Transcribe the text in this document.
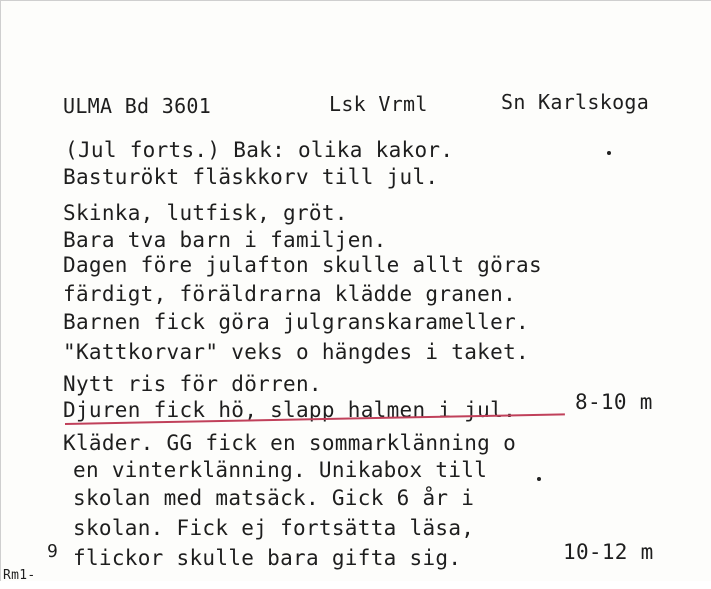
ULMA Bd 3601	Lsk Vrml	Sn Karlskoga
(Jul forts.) Bak: olika kakor.
Basturökt fläskkorv till jul.
Skinka, lutfisk, gröt.
Bara tva barn i familjen.
Dagen före julafton skulle allt göras
färdigt, föräldrarna klädde granen.
Barnen fick göra julgranskarameller.
"Kattkorvar" veks o hängdes i taket.
Nytt ris för dörren.
Djuren fick hö, slapp halmen i jul.	8-10 m
Kläder. GG fick en sommarklänning o
en vinterklänning. Unikabox till
skolan med matsäck. Gick 6 år i
skolan. Fick ej fortsätta läsa,
flickor skulle bara gifta sig.	10-12 m
9
Rm1-
